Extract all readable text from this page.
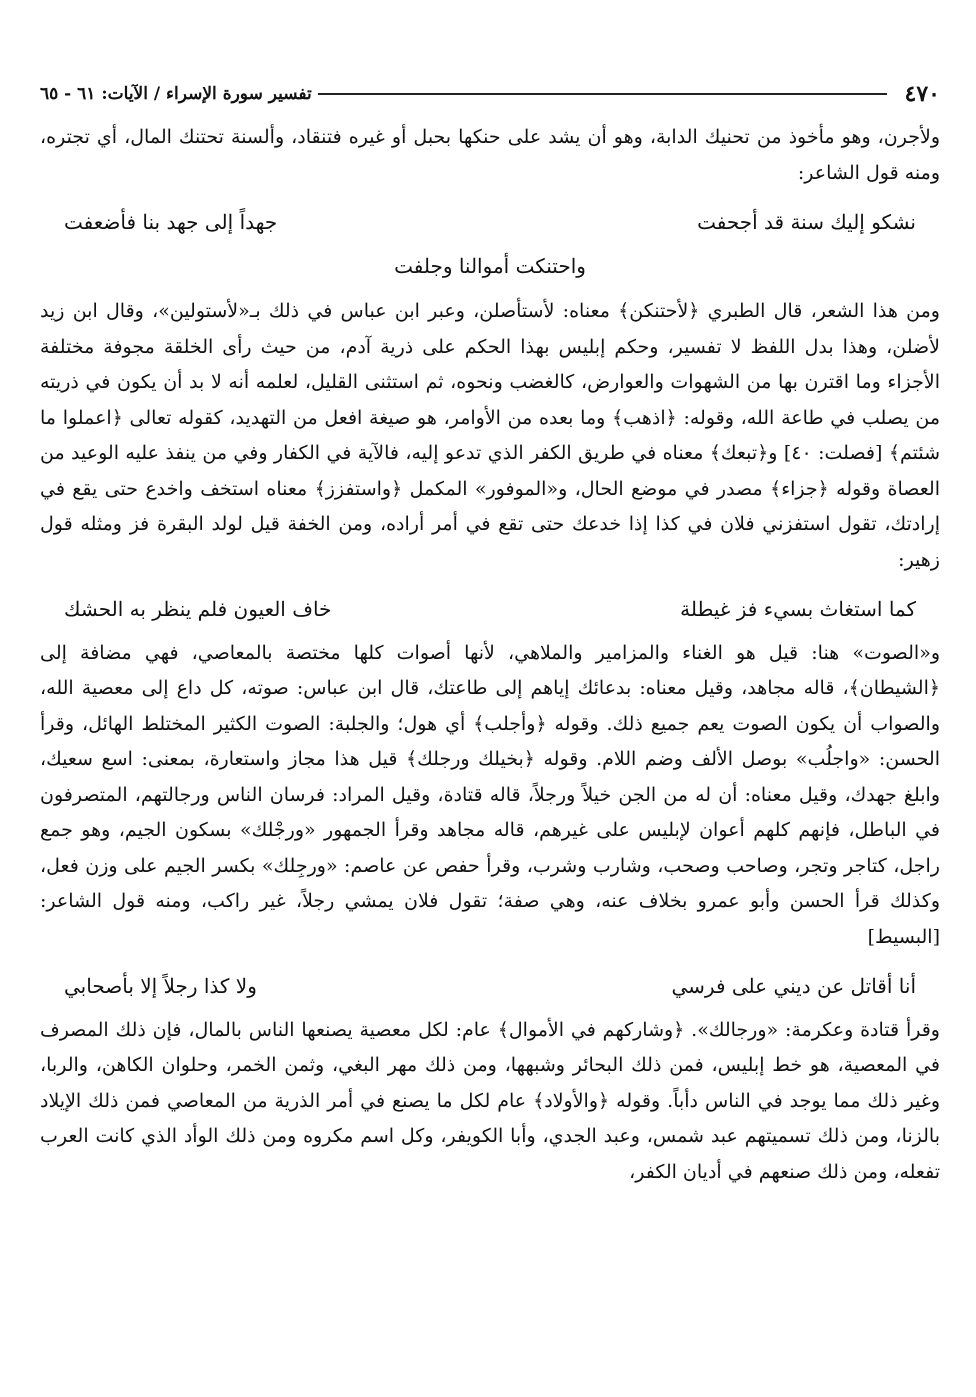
٤٧٠
تفسير سورة الإسراء / الآيات: ٦١ - ٦٥

ولأجرن، وهو مأخوذ من تحنيك الدابة، وهو أن يشد على حنكها بحبل أو غيره فتنقاد، وألسنة تحتنك المال، أي تجتره، ومنه قول الشاعر:

نشكو إليك سنة قد أجحفت
جهداً إلى جهد بنا فأضعفت
واحتنكت أموالنا وجلفت

ومن هذا الشعر، قال الطبري ﴿لأحتنكن﴾ معناه: لأستأصلن، وعبر ابن عباس في ذلك بـ«لأستولين»، وقال ابن زيد لأضلن، وهذا بدل اللفظ لا تفسير، وحكم إبليس بهذا الحكم على ذرية آدم، من حيث رأى الخلقة مجوفة مختلفة الأجزاء وما اقترن بها من الشهوات والعوارض، كالغضب ونحوه، ثم استثنى القليل، لعلمه أنه لا بد أن يكون في ذريته من يصلب في طاعة الله، وقوله: ﴿اذهب﴾ وما بعده من الأوامر، هو صيغة افعل من التهديد، كقوله تعالى ﴿اعملوا ما شئتم﴾ [فصلت: ٤٠] و﴿تبعك﴾ معناه في طريق الكفر الذي تدعو إليه، فالآية في الكفار وفي من ينفذ عليه الوعيد من العصاة وقوله ﴿جزاء﴾ مصدر في موضع الحال، و«الموفور» المكمل ﴿واستفزز﴾ معناه استخف واخدع حتى يقع في إرادتك، تقول استفزني فلان في كذا إذا خدعك حتى تقع في أمر أراده، ومن الخفة قيل لولد البقرة فز ومثله قول زهير:

كما استغاث بسيء فز غيطلة
خاف العيون فلم ينظر به الحشك

و«الصوت» هنا: قيل هو الغناء والمزامير والملاهي، لأنها أصوات كلها مختصة بالمعاصي، فهي مضافة إلى ﴿الشيطان﴾، قاله مجاهد، وقيل معناه: بدعائك إياهم إلى طاعتك، قال ابن عباس: صوته، كل داع إلى معصية الله، والصواب أن يكون الصوت يعم جميع ذلك. وقوله ﴿وأجلب﴾ أي هول؛ والجلبة: الصوت الكثير المختلط الهائل، وقرأ الحسن: «واجلُب» بوصل الألف وضم اللام. وقوله ﴿بخيلك ورجلك﴾ قيل هذا مجاز واستعارة، بمعنى: اسع سعيك، وابلغ جهدك، وقيل معناه: أن له من الجن خيلاً ورجلاً، قاله قتادة، وقيل المراد: فرسان الناس ورجالتهم، المتصرفون في الباطل، فإنهم كلهم أعوان لإبليس على غيرهم، قاله مجاهد وقرأ الجمهور «ورجْلك» بسكون الجيم، وهو جمع راجل، كتاجر وتجر، وصاحب وصحب، وشارب وشرب، وقرأ حفص عن عاصم: «ورجِلك» بكسر الجيم على وزن فعل، وكذلك قرأ الحسن وأبو عمرو بخلاف عنه، وهي صفة؛ تقول فلان يمشي رجلاً، غير راكب، ومنه قول الشاعر: [البسيط]

أنا أقاتل عن ديني على فرسي
ولا كذا رجلاً إلا بأصحابي

وقرأ قتادة وعكرمة: «ورجالك». ﴿وشاركهم في الأموال﴾ عام: لكل معصية يصنعها الناس بالمال، فإن ذلك المصرف في المعصية، هو خط إبليس، فمن ذلك البحائر وشبهها، ومن ذلك مهر البغي، وثمن الخمر، وحلوان الكاهن، والربا، وغير ذلك مما يوجد في الناس دأباً. وقوله ﴿والأولاد﴾ عام لكل ما يصنع في أمر الذرية من المعاصي فمن ذلك الإيلاد بالزنا، ومن ذلك تسميتهم عبد شمس، وعبد الجدي، وأبا الكويفر، وكل اسم مكروه ومن ذلك الوأد الذي كانت العرب تفعله، ومن ذلك صنعهم في أديان الكفر،
